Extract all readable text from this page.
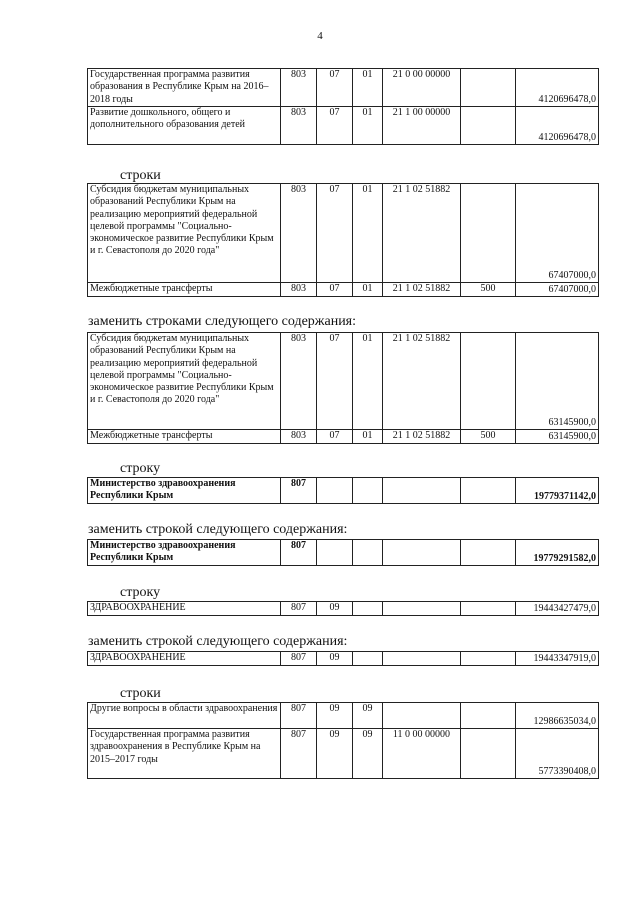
4
Государственная программа развития образования в Республике Крым на 2016–2018 годы	803	07	01	21 0 00 00000		4120696478,0
Развитие дошкольного, общего и дополнительного образования детей	803	07	01	21 1 00 00000		4120696478,0
строки
Субсидия бюджетам муниципальных образований Республики Крым на реализацию мероприятий федеральной целевой программы "Социально-экономическое развитие Республики Крым и г. Севастополя до 2020 года"	803	07	01	21 1 02 51882		67407000,0
Межбюджетные трансферты	803	07	01	21 1 02 51882	500	67407000,0
заменить строками следующего содержания:
Субсидия бюджетам муниципальных образований Республики Крым на реализацию мероприятий федеральной целевой программы "Социально-экономическое развитие Республики Крым и г. Севастополя до 2020 года"	803	07	01	21 1 02 51882		63145900,0
Межбюджетные трансферты	803	07	01	21 1 02 51882	500	63145900,0
строку
Министерство здравоохранения Республики Крым	807					19779371142,0
заменить строкой следующего содержания:
Министерство здравоохранения Республики Крым	807					19779291582,0
строку
ЗДРАВООХРАНЕНИЕ	807	09				19443427479,0
заменить строкой следующего содержания:
ЗДРАВООХРАНЕНИЕ	807	09				19443347919,0
строки
Другие вопросы в области здравоохранения	807	09	09			12986635034,0
Государственная программа развития здравоохранения в Республике Крым на 2015–2017 годы	807	09	09	11 0 00 00000		5773390408,0
